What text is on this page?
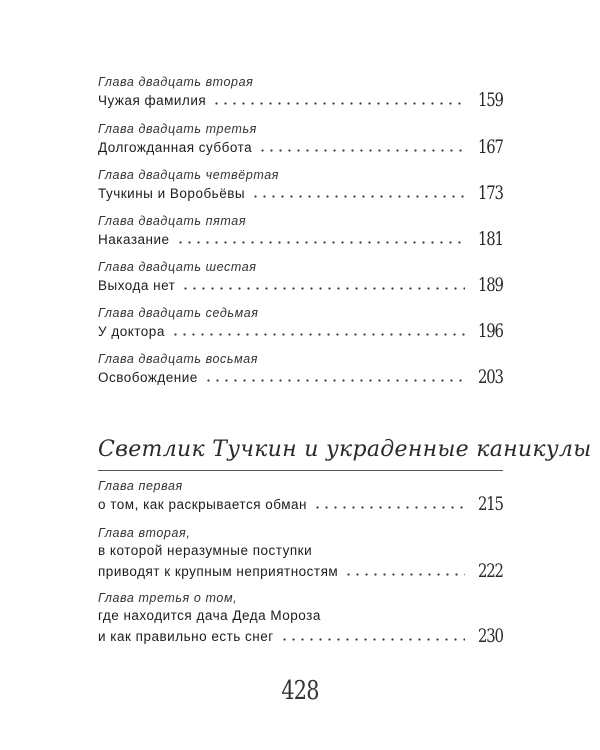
Глава двадцать вторая
Чужая фамилия	159
Глава двадцать третья
Долгожданная суббота	167
Глава двадцать четвёртая
Тучкины и Воробьёвы	173
Глава двадцать пятая
Наказание	181
Глава двадцать шестая
Выхода нет	189
Глава двадцать седьмая
У доктора	196
Глава двадцать восьмая
Освобождение	203
Светлик Тучкин и украденные каникулы
Глава первая
о том, как раскрывается обман	215
Глава вторая,
в которой неразумные поступки
приводят к крупным неприятностям	222
Глава третья о том,
где находится дача Деда Мороза
и как правильно есть снег	230
428
